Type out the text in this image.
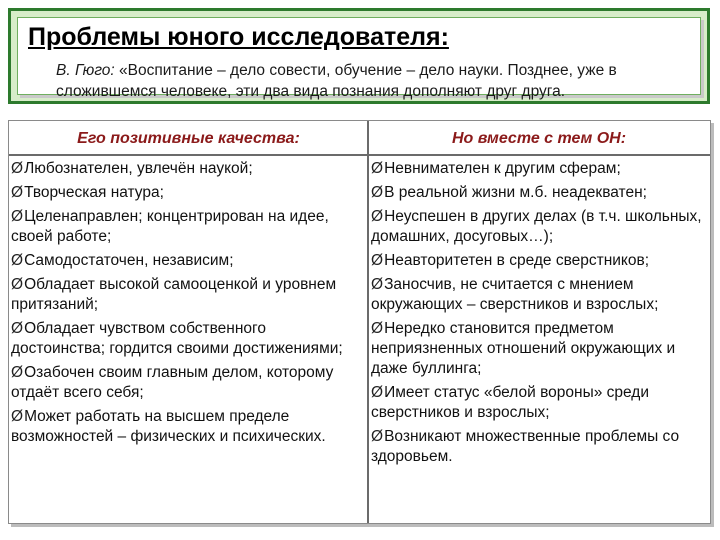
Проблемы юного исследователя:
В. Гюго: «Воспитание – дело совести, обучение – дело науки. Позднее, уже в сложившемся человеке, эти два вида познания дополняют друг друга.
Его позитивные качества:	Но вместе с тем ОН:
ØЛюбознателен, увлечён наукой;
ØТворческая натура;
ØЦеленаправлен; концентрирован на идее, своей работе;
ØСамодостаточен, независим;
ØОбладает высокой самооценкой и уровнем притязаний;
ØОбладает чувством собственного достоинства; гордится своими достижениями;
ØОзабочен своим главным делом, которому отдаёт всего себя;
ØМожет работать на высшем пределе возможностей – физических и психических.
ØНевнимателен к другим сферам;
ØВ реальной жизни м.б. неадекватен;
ØНеуспешен в других делах (в т.ч. школьных, домашних, досуговых…);
ØНеавторитетен в среде сверстников;
ØЗаносчив, не считается с мнением окружающих – сверстников и взрослых;
ØНередко становится предметом неприязненных отношений окружающих и даже буллинга;
ØИмеет статус «белой вороны» среди сверстников и взрослых;
ØВозникают множественные проблемы со здоровьем.
